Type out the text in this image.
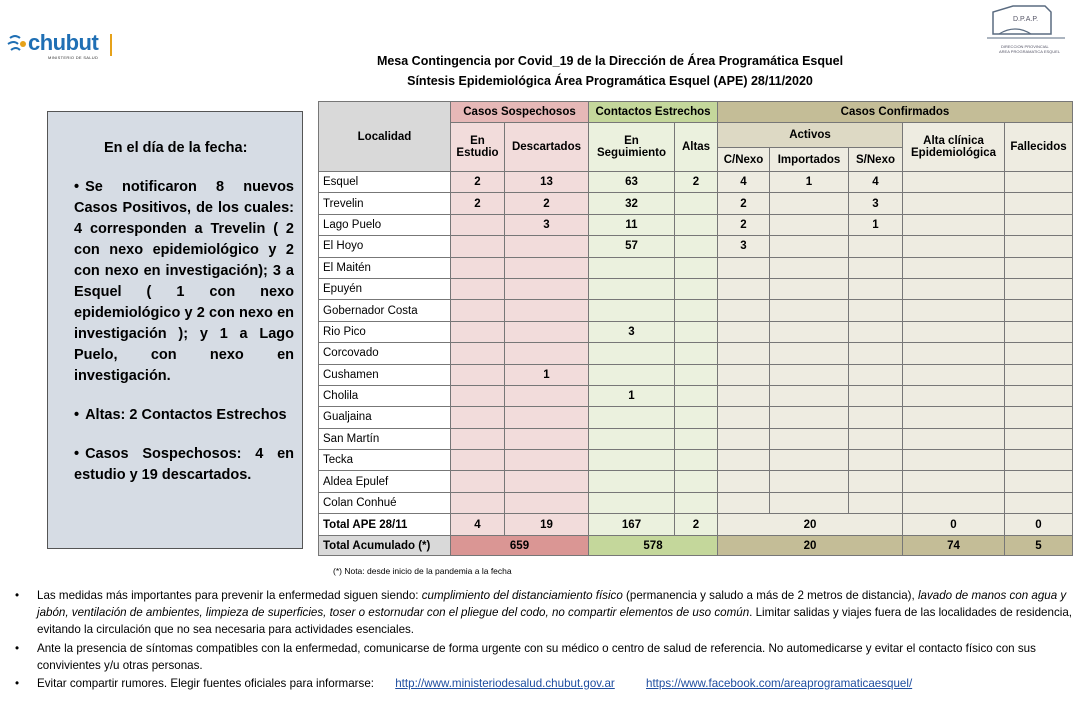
chubut
MINISTERIO DE SALUD
D.P.A.P.
DIRECCION PROVINCIAL
AREA PROGRAMATICA ESQUEL
Mesa Contingencia por Covid_19 de la Dirección de Área Programática Esquel
Síntesis Epidemiológica Área Programática Esquel (APE) 28/11/2020
En el día de la fecha:
• Se notificaron 8 nuevos Casos Positivos, de los cuales: 4 corresponden a Trevelin ( 2 con nexo epidemiológico y 2 con nexo en investigación); 3 a Esquel ( 1 con nexo epidemiológico y 2 con nexo en investigación ); y 1 a Lago Puelo, con nexo en investigación.
• Altas: 2 Contactos Estrechos
• Casos Sospechosos: 4 en estudio y 19 descartados.
Localidad	Casos Sospechosos		Contactos Estrechos		Casos Confirmados				
	En
Estudio	Descartados	En
Seguimiento	Altas	Activos			Alta clínica
Epidemiológica	Fallecidos
					C/Nexo	Importados	S/Nexo		
Esquel	2	13	63	2	4	1	4		
Trevelin	2	2	32		2		3		
Lago Puelo		3	11		2		1		
El Hoyo			57		3				
El Maitén									
Epuyén									
Gobernador Costa									
Rio Pico			3						
Corcovado									
Cushamen		1							
Cholila			1						
Gualjaina									
San Martín									
Tecka									
Aldea Epulef									
Colan Conhué									
Total APE 28/11	4	19	167	2	20			0	0
Total Acumulado (*)	659		578		20			74	5
(*) Nota: desde inicio de la pandemia a la fecha
• Las medidas más importantes para prevenir la enfermedad siguen siendo: cumplimiento del distanciamiento físico (permanencia y saludo a más de 2 metros de distancia), lavado de manos con agua y jabón, ventilación de ambientes, limpieza de superficies, toser o estornudar con el pliegue del codo, no compartir elementos de uso común. Limitar salidas y viajes fuera de las localidades de residencia, evitando la circulación que no sea necesaria para actividades esenciales.
• Ante la presencia de síntomas compatibles con la enfermedad, comunicarse de forma urgente con su médico o centro de salud de referencia. No automedicarse y evitar el contacto físico con sus convivientes y/u otras personas.
• Evitar compartir rumores. Elegir fuentes oficiales para informarse: http://www.ministeriodesalud.chubut.gov.ar	https://www.facebook.com/areaprogramaticaesquel/
